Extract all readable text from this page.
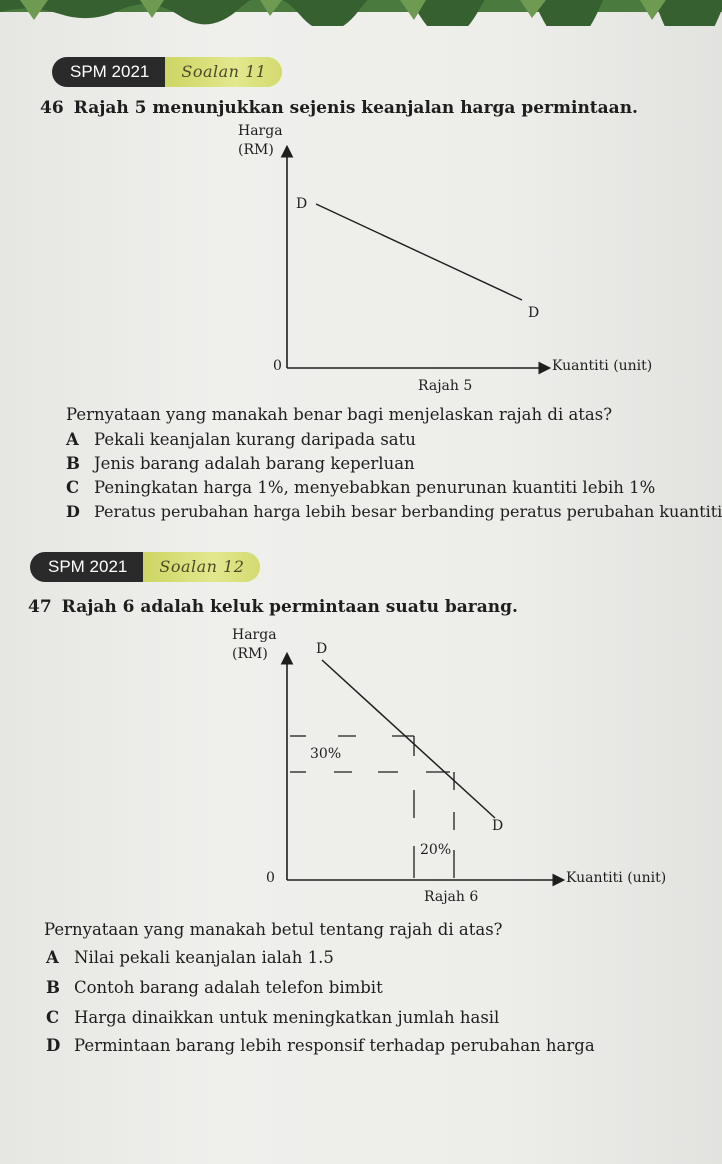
SPM 2021	Soalan 11
46 Rajah 5 menunjukkan sejenis keanjalan harga permintaan.
Harga
(RM)
D
D
0	Kuantiti (unit)
Rajah 5
Pernyataan yang manakah benar bagi menjelaskan rajah di atas?
A Pekali keanjalan kurang daripada satu
B Jenis barang adalah barang keperluan
C Peningkatan harga 1%, menyebabkan penurunan kuantiti lebih 1%
D Peratus perubahan harga lebih besar berbanding peratus perubahan kuantiti
SPM 2021	Soalan 12
47 Rajah 6 adalah keluk permintaan suatu barang.
Harga
(RM)	D
30%
D
20%
0	Kuantiti (unit)
Rajah 6
Pernyataan yang manakah betul tentang rajah di atas?
A Nilai pekali keanjalan ialah 1.5
B Contoh barang adalah telefon bimbit
C Harga dinaikkan untuk meningkatkan jumlah hasil
D Permintaan barang lebih responsif terhadap perubahan harga
